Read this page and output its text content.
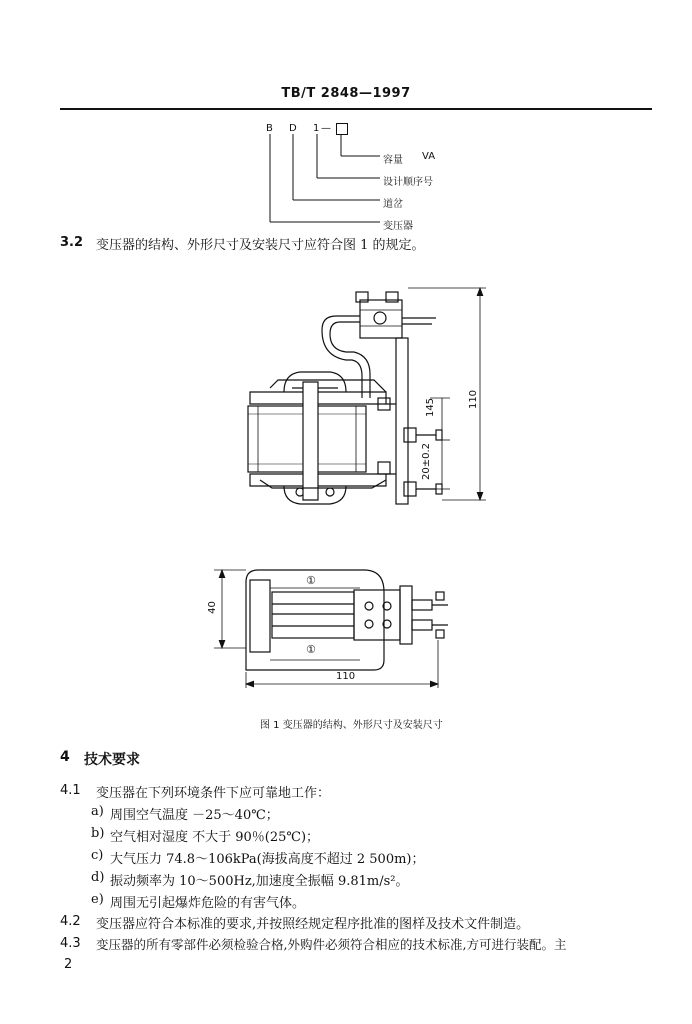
TB/T 2848—1997
B D 1 —
容量 VA
设计顺序号
道岔
变压器
3.2 变压器的结构、外形尺寸及安装尺寸应符合图 1 的规定。
145	110
20±0.2
40
110
①
①
图 1 变压器的结构、外形尺寸及安装尺寸
4 技术要求
4.1 变压器在下列环境条件下应可靠地工作：
a) 周围空气温度 －25～40℃；
b) 空气相对湿度 不大于 90％(25℃)；
c) 大气压力 74.8～106kPa(海拔高度不超过 2 500m)；
d) 振动频率为 10～500Hz,加速度全振幅 9.81m/s²。
e) 周围无引起爆炸危险的有害气体。
4.2 变压器应符合本标准的要求,并按照经规定程序批准的图样及技术文件制造。
4.3 变压器的所有零部件必须检验合格,外购件必须符合相应的技术标准,方可进行装配。主
2
